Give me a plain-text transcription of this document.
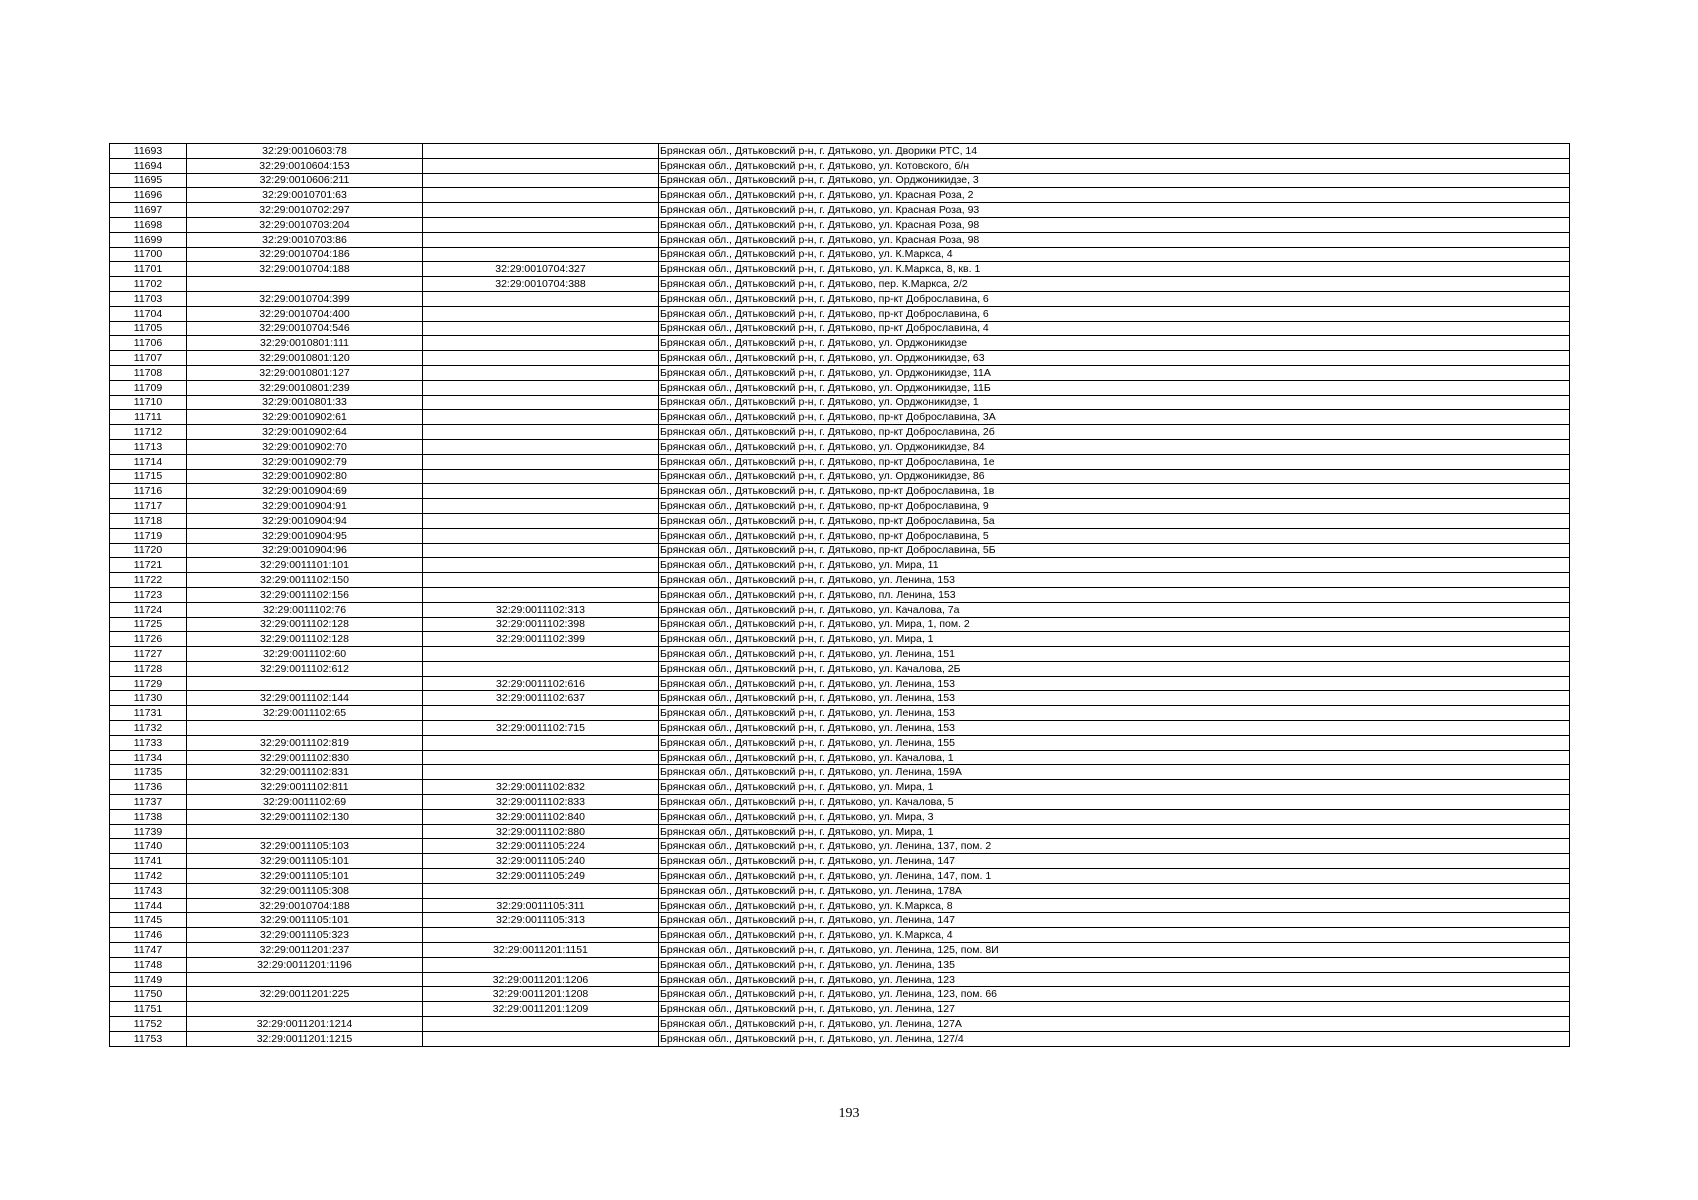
11693	32:29:0010603:78		Брянская обл., Дятьковский р-н, г. Дятьково, ул. Дворики РТС, 14
11694	32:29:0010604:153		Брянская обл., Дятьковский р-н, г. Дятьково, ул. Котовского, б/н
11695	32:29:0010606:211		Брянская обл., Дятьковский р-н, г. Дятьково, ул. Орджоникидзе, 3
11696	32:29:0010701:63		Брянская обл., Дятьковский р-н, г. Дятьково, ул. Красная Роза, 2
11697	32:29:0010702:297		Брянская обл., Дятьковский р-н, г. Дятьково, ул. Красная Роза, 93
11698	32:29:0010703:204		Брянская обл., Дятьковский р-н, г. Дятьково, ул. Красная Роза, 98
11699	32:29:0010703:86		Брянская обл., Дятьковский р-н, г. Дятьково, ул. Красная Роза, 98
11700	32:29:0010704:186		Брянская обл., Дятьковский р-н, г. Дятьково, ул. К.Маркса, 4
11701	32:29:0010704:188	32:29:0010704:327	Брянская обл., Дятьковский р-н, г. Дятьково, ул. К.Маркса, 8, кв. 1
11702		32:29:0010704:388	Брянская обл., Дятьковский р-н, г. Дятьково, пер. К.Маркса, 2/2
11703	32:29:0010704:399		Брянская обл., Дятьковский р-н, г. Дятьково, пр-кт Доброславина, 6
11704	32:29:0010704:400		Брянская обл., Дятьковский р-н, г. Дятьково, пр-кт Доброславина, 6
11705	32:29:0010704:546		Брянская обл., Дятьковский р-н, г. Дятьково, пр-кт Доброславина, 4
11706	32:29:0010801:111		Брянская обл., Дятьковский р-н, г. Дятьково, ул. Орджоникидзе
11707	32:29:0010801:120		Брянская обл., Дятьковский р-н, г. Дятьково, ул. Орджоникидзе, 63
11708	32:29:0010801:127		Брянская обл., Дятьковский р-н, г. Дятьково, ул. Орджоникидзе, 11А
11709	32:29:0010801:239		Брянская обл., Дятьковский р-н, г. Дятьково, ул. Орджоникидзе, 11Б
11710	32:29:0010801:33		Брянская обл., Дятьковский р-н, г. Дятьково, ул. Орджоникидзе, 1
11711	32:29:0010902:61		Брянская обл., Дятьковский р-н, г. Дятьково, пр-кт Доброславина, 3А
11712	32:29:0010902:64		Брянская обл., Дятьковский р-н, г. Дятьково, пр-кт Доброславина, 2б
11713	32:29:0010902:70		Брянская обл., Дятьковский р-н, г. Дятьково, ул. Орджоникидзе, 84
11714	32:29:0010902:79		Брянская обл., Дятьковский р-н, г. Дятьково, пр-кт Доброславина, 1е
11715	32:29:0010902:80		Брянская обл., Дятьковский р-н, г. Дятьково, ул. Орджоникидзе, 86
11716	32:29:0010904:69		Брянская обл., Дятьковский р-н, г. Дятьково, пр-кт Доброславина, 1в
11717	32:29:0010904:91		Брянская обл., Дятьковский р-н, г. Дятьково, пр-кт Доброславина, 9
11718	32:29:0010904:94		Брянская обл., Дятьковский р-н, г. Дятьково, пр-кт Доброславина, 5а
11719	32:29:0010904:95		Брянская обл., Дятьковский р-н, г. Дятьково, пр-кт Доброславина, 5
11720	32:29:0010904:96		Брянская обл., Дятьковский р-н, г. Дятьково, пр-кт Доброславина, 5Б
11721	32:29:0011101:101		Брянская обл., Дятьковский р-н, г. Дятьково, ул. Мира, 11
11722	32:29:0011102:150		Брянская обл., Дятьковский р-н, г. Дятьково, ул. Ленина, 153
11723	32:29:0011102:156		Брянская обл., Дятьковский р-н, г. Дятьково, пл. Ленина, 153
11724	32:29:0011102:76	32:29:0011102:313	Брянская обл., Дятьковский р-н, г. Дятьково, ул. Качалова, 7а
11725	32:29:0011102:128	32:29:0011102:398	Брянская обл., Дятьковский р-н, г. Дятьково, ул. Мира, 1, пом. 2
11726	32:29:0011102:128	32:29:0011102:399	Брянская обл., Дятьковский р-н, г. Дятьково, ул. Мира, 1
11727	32:29:0011102:60		Брянская обл., Дятьковский р-н, г. Дятьково, ул. Ленина, 151
11728	32:29:0011102:612		Брянская обл., Дятьковский р-н, г. Дятьково, ул. Качалова, 2Б
11729		32:29:0011102:616	Брянская обл., Дятьковский р-н, г. Дятьково, ул. Ленина, 153
11730	32:29:0011102:144	32:29:0011102:637	Брянская обл., Дятьковский р-н, г. Дятьково, ул. Ленина, 153
11731	32:29:0011102:65		Брянская обл., Дятьковский р-н, г. Дятьково, ул. Ленина, 153
11732		32:29:0011102:715	Брянская обл., Дятьковский р-н, г. Дятьково, ул. Ленина, 153
11733	32:29:0011102:819		Брянская обл., Дятьковский р-н, г. Дятьково, ул. Ленина, 155
11734	32:29:0011102:830		Брянская обл., Дятьковский р-н, г. Дятьково, ул. Качалова, 1
11735	32:29:0011102:831		Брянская обл., Дятьковский р-н, г. Дятьково, ул. Ленина, 159А
11736	32:29:0011102:811	32:29:0011102:832	Брянская обл., Дятьковский р-н, г. Дятьково, ул. Мира, 1
11737	32:29:0011102:69	32:29:0011102:833	Брянская обл., Дятьковский р-н, г. Дятьково, ул. Качалова, 5
11738	32:29:0011102:130	32:29:0011102:840	Брянская обл., Дятьковский р-н, г. Дятьково, ул. Мира, 3
11739		32:29:0011102:880	Брянская обл., Дятьковский р-н, г. Дятьково, ул. Мира, 1
11740	32:29:0011105:103	32:29:0011105:224	Брянская обл., Дятьковский р-н, г. Дятьково, ул. Ленина, 137, пом. 2
11741	32:29:0011105:101	32:29:0011105:240	Брянская обл., Дятьковский р-н, г. Дятьково, ул. Ленина, 147
11742	32:29:0011105:101	32:29:0011105:249	Брянская обл., Дятьковский р-н, г. Дятьково, ул. Ленина, 147, пом. 1
11743	32:29:0011105:308		Брянская обл., Дятьковский р-н, г. Дятьково, ул. Ленина, 178А
11744	32:29:0010704:188	32:29:0011105:311	Брянская обл., Дятьковский р-н, г. Дятьково, ул. К.Маркса, 8
11745	32:29:0011105:101	32:29:0011105:313	Брянская обл., Дятьковский р-н, г. Дятьково, ул. Ленина, 147
11746	32:29:0011105:323		Брянская обл., Дятьковский р-н, г. Дятьково, ул. К.Маркса, 4
11747	32:29:0011201:237	32:29:0011201:1151	Брянская обл., Дятьковский р-н, г. Дятьково, ул. Ленина, 125, пом. 8И
11748	32:29:0011201:1196		Брянская обл., Дятьковский р-н, г. Дятьково, ул. Ленина, 135
11749		32:29:0011201:1206	Брянская обл., Дятьковский р-н, г. Дятьково, ул. Ленина, 123
11750	32:29:0011201:225	32:29:0011201:1208	Брянская обл., Дятьковский р-н, г. Дятьково, ул. Ленина, 123, пом. 66
11751		32:29:0011201:1209	Брянская обл., Дятьковский р-н, г. Дятьково, ул. Ленина, 127
11752	32:29:0011201:1214		Брянская обл., Дятьковский р-н, г. Дятьково, ул. Ленина, 127А
11753	32:29:0011201:1215		Брянская обл., Дятьковский р-н, г. Дятьково, ул. Ленина, 127/4
193
